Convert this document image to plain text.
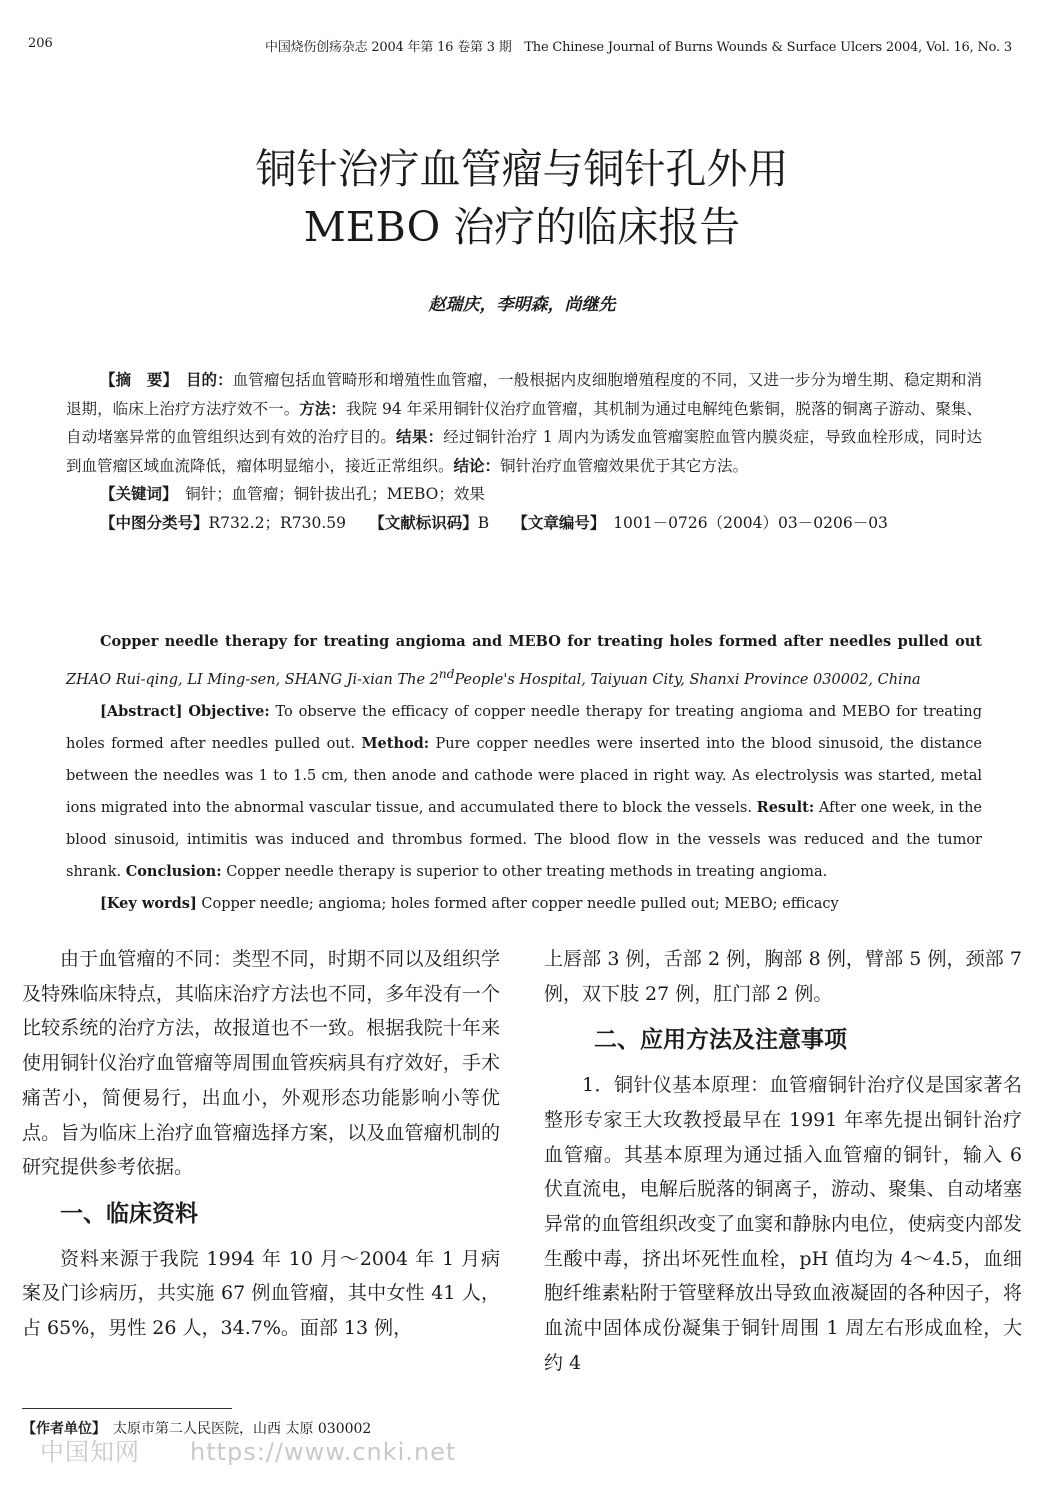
206	中国烧伤创疡杂志 2004 年第 16 卷第 3 期　The Chinese Journal of Burns Wounds & Surface Ulcers 2004, Vol. 16, No. 3
铜针治疗血管瘤与铜针孔外用
MEBO 治疗的临床报告
赵瑞庆，李明森，尚继先

【摘　要】　 目的：血管瘤包括血管畸形和增殖性血管瘤，一般根据内皮细胞增殖程度的不同，又进一步分为增生期、稳定期和消退期，临床上治疗方法疗效不一。方法：我院 94 年采用铜针仪治疗血管瘤，其机制为通过电解纯色紫铜，脱落的铜离子游动、聚集、自动堵塞异常的血管组织达到有效的治疗目的。结果：经过铜针治疗 1 周内为诱发血管瘤窦腔血管内膜炎症，导致血栓形成，同时达到血管瘤区域血流降低，瘤体明显缩小，接近正常组织。结论：铜针治疗血管瘤效果优于其它方法。

【关键词】　 铜针；血管瘤；铜针拔出孔；MEBO；效果

【中图分类号】R732.2；R730.59　　 【文献标识码】B　　 【文章编号】　 1001－0726（2004）03－0206－03

Copper needle therapy for treating angioma and MEBO for treating holes formed after needles pulled out ZHAO Rui-qing, LI Ming-sen, SHANG Ji-xian The 2ndPeople's Hospital, Taiyuan City, Shanxi Province 030002, China

[Abstract] Objective: To observe the efficacy of copper needle therapy for treating angioma and MEBO for treating holes formed after needles pulled out. Method: Pure copper needles were inserted into the blood sinusoid, the distance between the needles was 1 to 1.5 cm, then anode and cathode were placed in right way. As electrolysis was started, metal ions migrated into the abnormal vascular tissue, and accumulated there to block the vessels. Result: After one week, in the blood sinusoid, intimitis was induced and thrombus formed. The blood flow in the vessels was reduced and the tumor shrank. Conclusion: Copper needle therapy is superior to other treating methods in treating angioma.

[Key words] Copper needle; angioma; holes formed after copper needle pulled out; MEBO; efficacy

由于血管瘤的不同：类型不同，时期不同以及组织学及特殊临床特点，其临床治疗方法也不同，多年没有一个比较系统的治疗方法，故报道也不一致。根据我院十年来使用铜针仪治疗血管瘤等周围血管疾病具有疗效好，手术痛苦小，简便易行，出血小，外观形态功能影响小等优点。旨为临床上治疗血管瘤选择方案，以及血管瘤机制的研究提供参考依据。

一、临床资料

资料来源于我院 1994 年 10 月～2004 年 1 月病案及门诊病历，共实施 67 例血管瘤，其中女性 41 人，占 65%，男性 26 人，34.7%。面部 13 例，

上唇部 3 例，舌部 2 例，胸部 8 例，臂部 5 例，颈部 7 例，双下肢 27 例，肛门部 2 例。

二、应用方法及注意事项

1．铜针仪基本原理：血管瘤铜针治疗仪是国家著名整形专家王大玫教授最早在 1991 年率先提出铜针治疗血管瘤。其基本原理为通过插入血管瘤的铜针，输入 6 伏直流电，电解后脱落的铜离子，游动、聚集、自动堵塞异常的血管组织改变了血窦和静脉内电位，使病变内部发生酸中毒，挤出坏死性血栓，pH 值均为 4～4.5，血细胞纤维素粘附于管壁释放出导致血液凝固的各种因子，将血流中固体成份凝集于铜针周围 1 周左右形成血栓，大约 4

【作者单位】　 太原市第二人民医院，山西 太原 030002
中国知网　　https://www.cnki.net
